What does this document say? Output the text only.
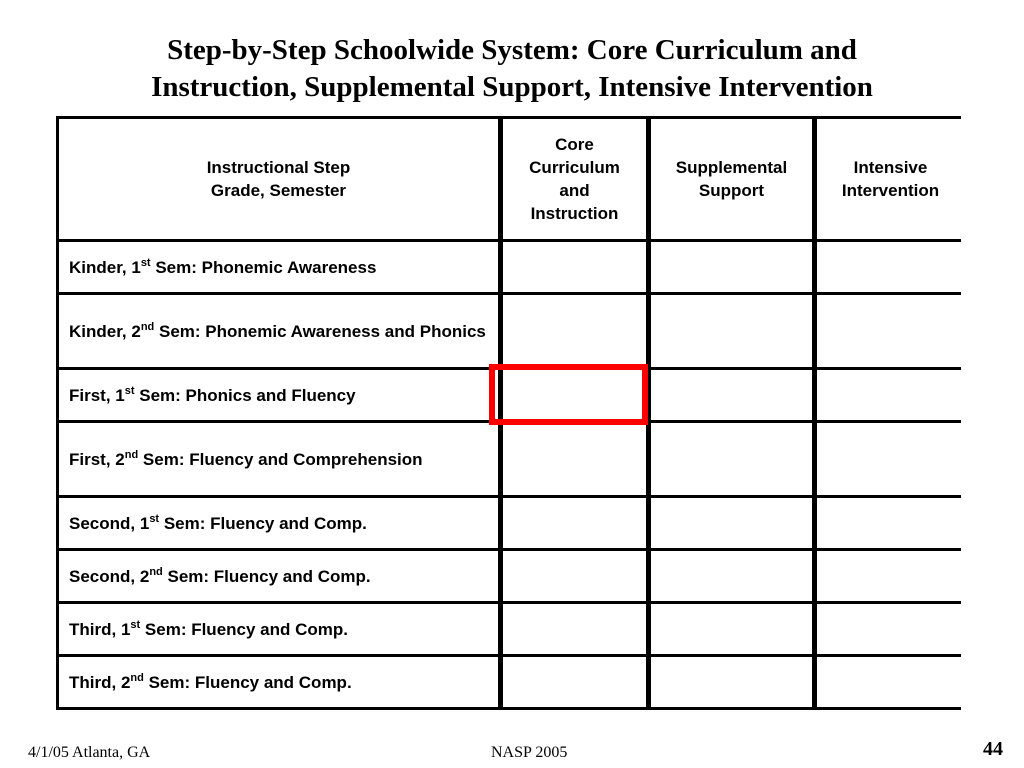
Step-by-Step Schoolwide System: Core Curriculum and
Instruction, Supplemental Support, Intensive Intervention
Instructional Step
Grade, Semester
Core
Curriculum
and
Instruction
Supplemental
Support
Intensive
Intervention
Kinder, 1st Sem: Phonemic Awareness
Kinder, 2nd Sem: Phonemic Awareness and Phonics
First, 1st Sem: Phonics and Fluency
First, 2nd Sem: Fluency and Comprehension
Second, 1st Sem: Fluency and Comp.
Second, 2nd Sem: Fluency and Comp.
Third, 1st Sem: Fluency and Comp.
Third, 2nd Sem: Fluency and Comp.
4/1/05 Atlanta, GA	NASP 2005	44
